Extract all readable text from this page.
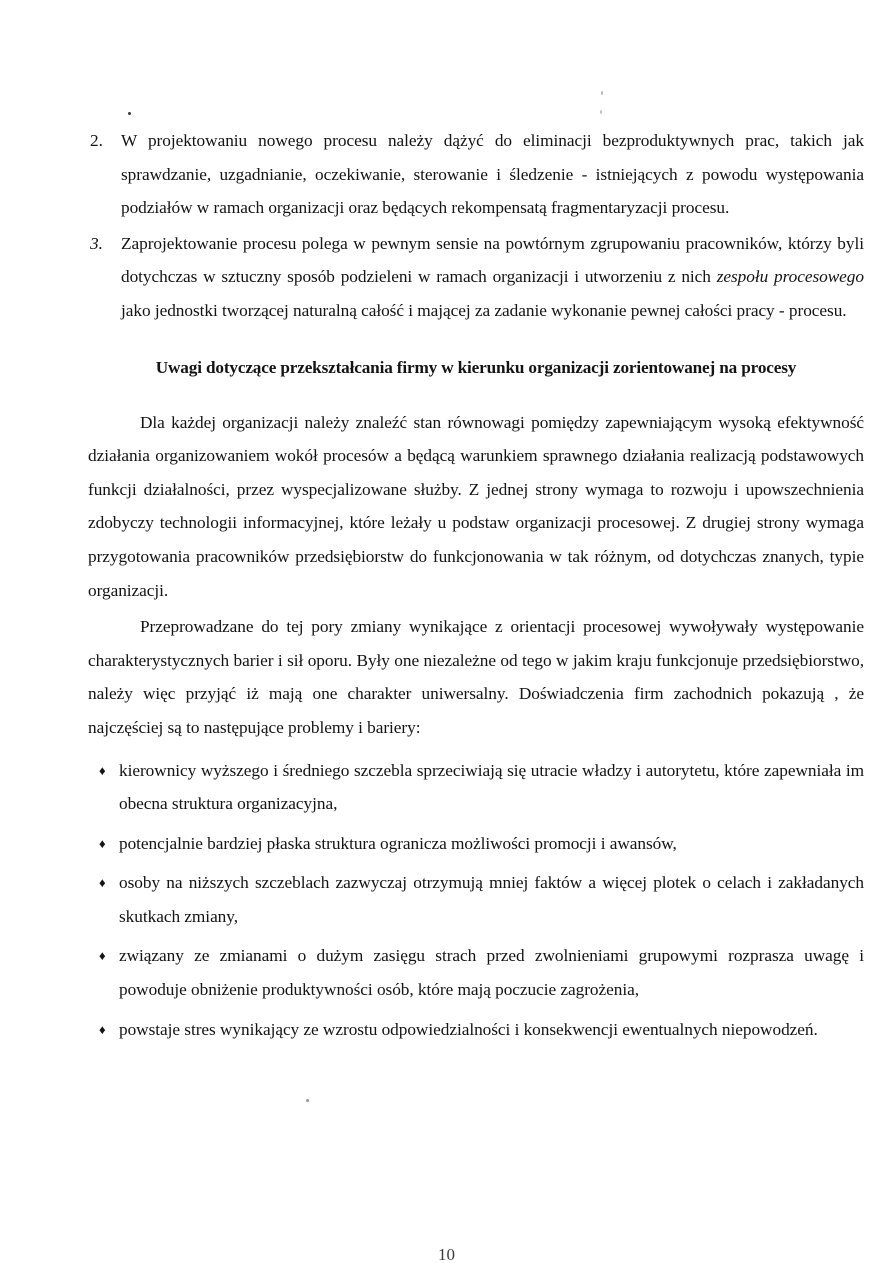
2.	W projektowaniu nowego procesu należy dążyć do eliminacji bezproduktywnych prac, takich jak sprawdzanie, uzgadnianie, oczekiwanie, sterowanie i śledzenie - istniejących z powodu występowania podziałów w ramach organizacji oraz będących rekompensatą fragmentaryzacji procesu.
3.	Zaprojektowanie procesu polega w pewnym sensie na powtórnym zgrupowaniu pracowników, którzy byli dotychczas w sztuczny sposób podzieleni w ramach organizacji i utworzeniu z nich zespołu procesowego jako jednostki tworzącej naturalną całość i mającej za zadanie wykonanie pewnej całości pracy - procesu.
Uwagi dotyczące przekształcania firmy w kierunku organizacji zorientowanej na procesy

Dla każdej organizacji należy znaleźć stan równowagi pomiędzy zapewniającym wysoką efektywność działania organizowaniem wokół procesów a będącą warunkiem sprawnego działania realizacją podstawowych funkcji działalności, przez wyspecjalizowane służby. Z jednej strony wymaga to rozwoju i upowszechnienia zdobyczy technologii informacyjnej, które leżały u podstaw organizacji procesowej. Z drugiej strony wymaga przygotowania pracowników przedsiębiorstw do funkcjonowania w tak różnym, od dotychczas znanych, typie organizacji.

Przeprowadzane do tej pory zmiany wynikające z orientacji procesowej wywoływały występowanie charakterystycznych barier i sił oporu. Były one niezależne od tego w jakim kraju funkcjonuje przedsiębiorstwo, należy więc przyjąć iż mają one charakter uniwersalny. Doświadczenia firm zachodnich pokazują , że najczęściej są to następujące problemy i bariery:

♦ kierownicy wyższego i średniego szczebla sprzeciwiają się utracie władzy i autorytetu, które zapewniała im obecna struktura organizacyjna,
♦ potencjalnie bardziej płaska struktura ogranicza możliwości promocji i awansów,
♦ osoby na niższych szczeblach zazwyczaj otrzymują mniej faktów a więcej plotek o celach i zakładanych skutkach zmiany,
♦ związany ze zmianami o dużym zasięgu strach przed zwolnieniami grupowymi rozprasza uwagę i powoduje obniżenie produktywności osób, które mają poczucie zagrożenia,
♦ powstaje stres wynikający ze wzrostu odpowiedzialności i konsekwencji ewentualnych niepowodzeń.
10
